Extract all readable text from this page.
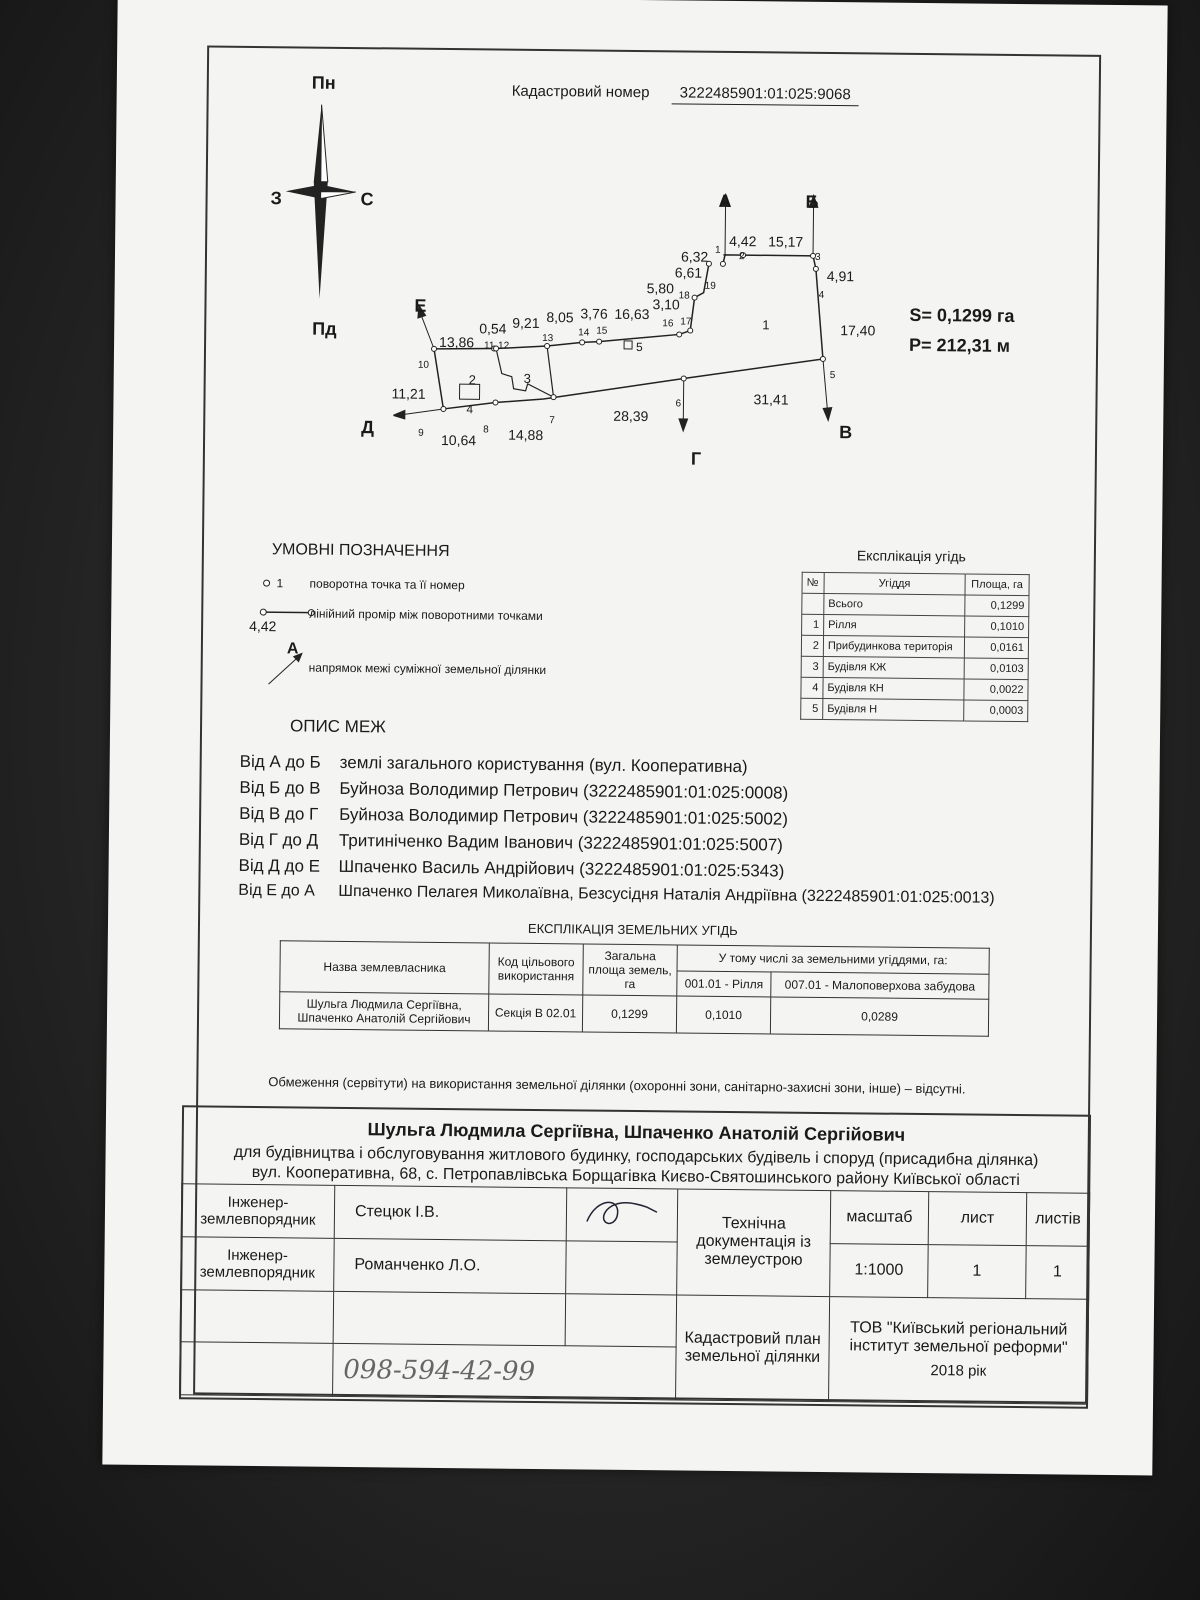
Кадастровий номер	3222485901:01:025:9068
Пн
Пд
З	С	А	Б
В
Г
Д
Е
4,42 15,17
4,91
17,40
31,41
28,39
14,88
10,64
11,21
13,86
0,54 9,21 8,05 3,76 16,63
3,10
5,80
6,61
6,32 1
2	3
4
5
6
7
8
9
10
11 12
13
14 15
16 17
18
19
1
2	3
4
5
S= 0,1299 га
P= 212,31 м
УМОВНІ ПОЗНАЧЕННЯ
1 поворотна точка та її номер
4,42
лінійний промір між поворотними точками
А
напрямок межі суміжної земельної ділянки
Експлікація угідь
№	Угіддя	Площа, га
	Всього	0,1299
1	Рілля	0,1010
2	Прибудинкова територія	0,0161
3	Будівля КЖ	0,0103
4	Будівля КН	0,0022
5	Будівля Н	0,0003
ОПИС МЕЖ
Від А до Б землі загального користування (вул. Кооперативна)
Від Б до В Буйноза Володимир Петрович (3222485901:01:025:0008)
Від В до Г Буйноза Володимир Петрович (3222485901:01:025:5002)
Від Г до Д Тритиніченко Вадим Іванович (3222485901:01:025:5007)
Від Д до Е Шпаченко Василь Андрійович (3222485901:01:025:5343)
Від Е до А Шпаченко Пелагея Миколаївна, Безсусідня Наталія Андріївна (3222485901:01:025:0013)
ЕКСПЛІКАЦІЯ ЗЕМЕЛЬНИХ УГІДЬ
Назва землевласника	Код цільового використання	Загальна площа земель, га	У тому числі за земельними угіддями, га:	
			001.01 - Рілля	007.01 - Малоповерхова забудова
Шульга Людмила Сергіївна, Шпаченко Анатолій Сергійович	Секція В 02.01	0,1299	0,1010	0,0289
Обмеження (сервітути) на використання земельної ділянки (охоронні зони, санітарно-захисні зони, інше) – відсутні.
Шульга Людмила Сергіївна, Шпаченко Анатолій Сергійович
для будівництва і обслуговування житлового будинку, господарських будівель і споруд (присадибна ділянка)
вул. Кооперативна, 68, с. Петропавлівська Борщагівка Києво-Святошинського району Київської області
Інженер-землевпорядник	Стецюк І.В.		Технічна документація із землеустрою	масштаб	лист	листів
Інженер-землевпорядник	Романченко Л.О.			1:1000	1	1
			Кадастровий план земельної ділянки	ТОВ "Київський регіональний інститут земельної реформи"
2018 рік		

	098-594-42-99					
